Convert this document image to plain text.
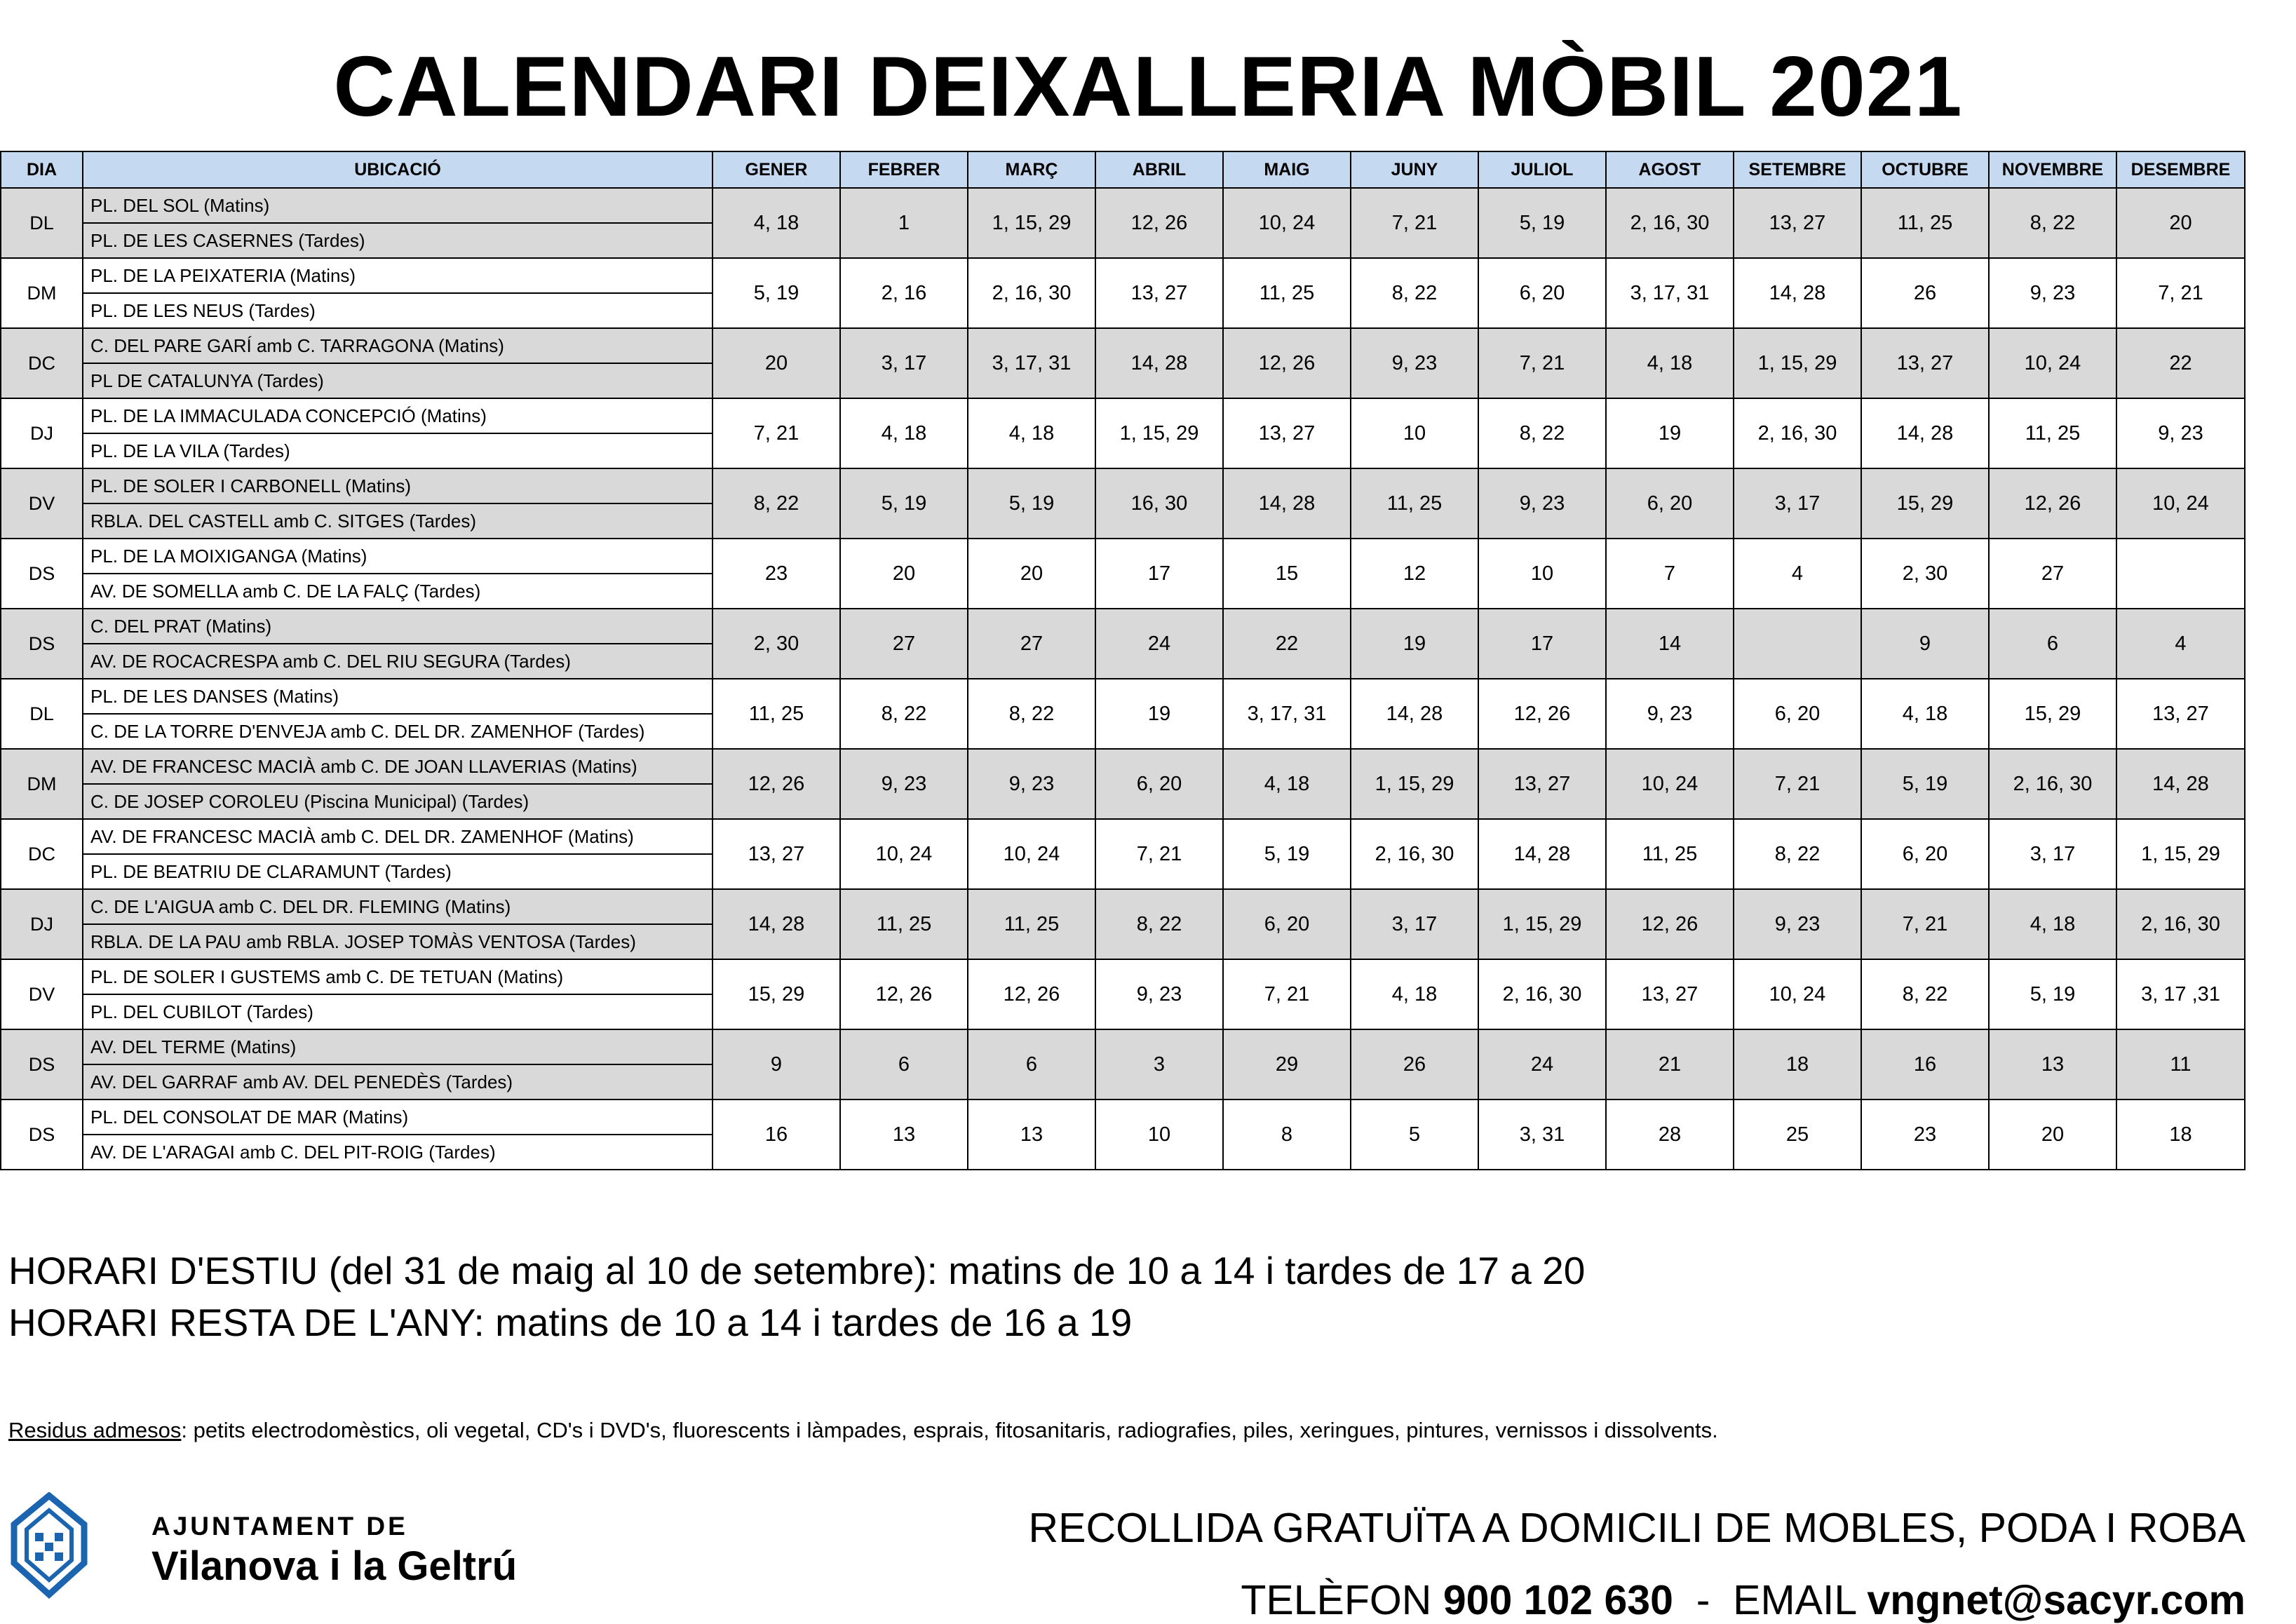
CALENDARI DEIXALLERIA MÒBIL 2021
DIA	UBICACIÓ	GENER	FEBRER	MARÇ	ABRIL	MAIG	JUNY	JULIOL	AGOST	SETEMBRE	OCTUBRE	NOVEMBRE	DESEMBRE
DL	PL. DEL SOL (Matins)	4, 18	1	1, 15, 29	12, 26	10, 24	7, 21	5, 19	2, 16, 30	13, 27	11, 25	8, 22	20
	PL. DE LES CASERNES (Tardes)												
DM	PL. DE LA PEIXATERIA (Matins)	5, 19	2, 16	2, 16, 30	13, 27	11, 25	8, 22	6, 20	3, 17, 31	14, 28	26	9, 23	7, 21
	PL. DE LES NEUS (Tardes)												
DC	C. DEL PARE GARÍ amb C. TARRAGONA (Matins)	20	3, 17	3, 17, 31	14, 28	12, 26	9, 23	7, 21	4, 18	1, 15, 29	13, 27	10, 24	22
	PL DE CATALUNYA (Tardes)												
DJ	PL. DE LA IMMACULADA CONCEPCIÓ (Matins)	7, 21	4, 18	4, 18	1, 15, 29	13, 27	10	8, 22	19	2, 16, 30	14, 28	11, 25	9, 23
	PL. DE LA VILA (Tardes)												
DV	PL. DE SOLER I CARBONELL (Matins)	8, 22	5, 19	5, 19	16, 30	14, 28	11, 25	9, 23	6, 20	3, 17	15, 29	12, 26	10, 24
	RBLA. DEL CASTELL amb C. SITGES (Tardes)												
DS	PL. DE LA MOIXIGANGA (Matins)	23	20	20	17	15	12	10	7	4	2, 30	27	
	AV. DE SOMELLA amb C. DE LA FALÇ (Tardes)												
DS	C. DEL PRAT (Matins)	2, 30	27	27	24	22	19	17	14		9	6	4
	AV. DE ROCACRESPA amb C. DEL RIU SEGURA (Tardes)												
DL	PL. DE LES DANSES (Matins)	11, 25	8, 22	8, 22	19	3, 17, 31	14, 28	12, 26	9, 23	6, 20	4, 18	15, 29	13, 27
	C. DE LA TORRE D'ENVEJA amb C. DEL DR. ZAMENHOF (Tardes)												
DM	AV. DE FRANCESC MACIÀ amb C. DE JOAN LLAVERIAS (Matins)	12, 26	9, 23	9, 23	6, 20	4, 18	1, 15, 29	13, 27	10, 24	7, 21	5, 19	2, 16, 30	14, 28
	C. DE JOSEP COROLEU (Piscina Municipal) (Tardes)												
DC	AV. DE FRANCESC MACIÀ amb C. DEL DR. ZAMENHOF (Matins)	13, 27	10, 24	10, 24	7, 21	5, 19	2, 16, 30	14, 28	11, 25	8, 22	6, 20	3, 17	1, 15, 29
	PL. DE BEATRIU DE CLARAMUNT (Tardes)												
DJ	C. DE L'AIGUA amb C. DEL DR. FLEMING (Matins)	14, 28	11, 25	11, 25	8, 22	6, 20	3, 17	1, 15, 29	12, 26	9, 23	7, 21	4, 18	2, 16, 30
	RBLA. DE LA PAU amb RBLA. JOSEP TOMÀS VENTOSA (Tardes)												
DV	PL. DE SOLER I GUSTEMS amb C. DE TETUAN (Matins)	15, 29	12, 26	12, 26	9, 23	7, 21	4, 18	2, 16, 30	13, 27	10, 24	8, 22	5, 19	3, 17 ,31
	PL. DEL CUBILOT (Tardes)												
DS	AV. DEL TERME (Matins)	9	6	6	3	29	26	24	21	18	16	13	11
	AV. DEL GARRAF amb AV. DEL PENEDÈS (Tardes)												
DS	PL. DEL CONSOLAT DE MAR (Matins)	16	13	13	10	8	5	3, 31	28	25	23	20	18
	AV. DE L'ARAGAI amb C. DEL PIT-ROIG (Tardes)												
HORARI D'ESTIU (del 31 de maig al 10 de setembre): matins de 10 a 14 i tardes de 17 a 20
HORARI RESTA DE L'ANY: matins de 10 a 14 i tardes de 16 a 19
Residus admesos: petits electrodomèstics, oli vegetal, CD's i DVD's, fluorescents i làmpades, esprais, fitosanitaris, radiografies, piles, xeringues, pintures, vernissos i dissolvents.
AJUNTAMENT DE
Vilanova i la Geltrú
RECOLLIDA GRATUÏTA A DOMICILI DE MOBLES, PODA I ROBA
TELÈFON 900 102 630  -  EMAIL vngnet@sacyr.com
